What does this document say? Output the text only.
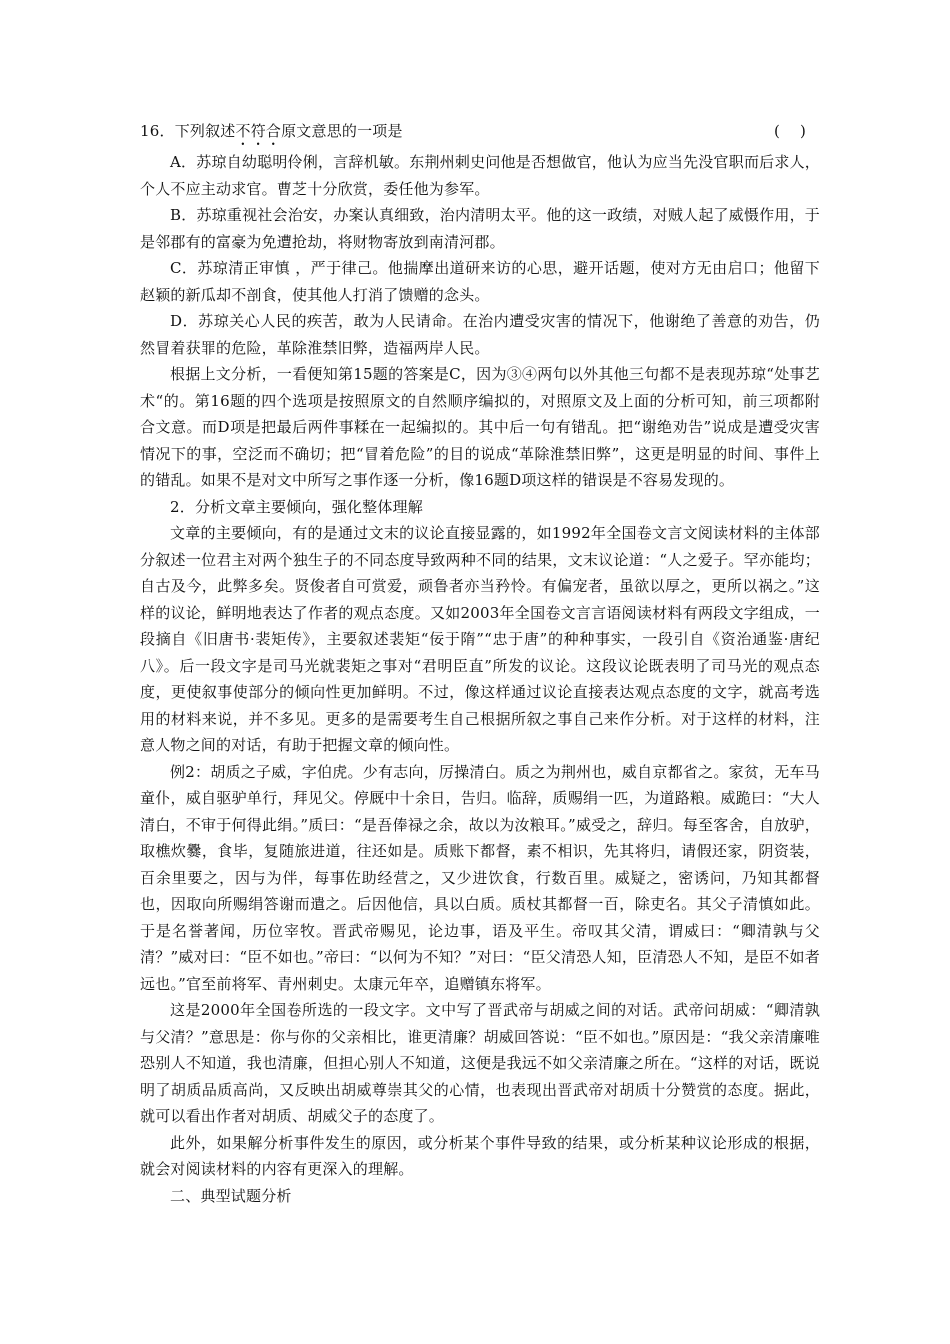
16．下列叙述不符合原文意思的一项是	(    )

A．苏琼自幼聪明伶俐，言辞机敏。东荆州刺史问他是否想做官，他认为应当先没官职而后求人，个人不应主动求官。曹芝十分欣赏，委任他为参军。

B．苏琼重视社会治安，办案认真细致，治内清明太平。他的这一政绩，对贼人起了威慑作用，于是邻郡有的富豪为免遭抢劫，将财物寄放到南清河郡。

C．苏琼清正审慎 ，严于律己。他揣摩出道研来访的心思，避开话题，使对方无由启口；他留下赵颖的新瓜却不剖食，使其他人打消了馈赠的念头。

D．苏琼关心人民的疾苦，敢为人民请命。在治内遭受灾害的情况下，他谢绝了善意的劝告，仍然冒着获罪的危险，革除淮禁旧弊，造福两岸人民。

根据上文分析，一看便知第15题的答案是C，因为③④两句以外其他三句都不是表现苏琼“处事艺术“的。第16题的四个选项是按照原文的自然顺序编拟的，对照原文及上面的分析可知，前三项都附合文意。而D项是把最后两件事糅在一起编拟的。其中后一句有错乱。把“谢绝劝告”说成是遭受灾害情况下的事，空泛而不确切；把“冒着危险”的目的说成“革除淮禁旧弊”，这更是明显的时间、事件上的错乱。如果不是对文中所写之事作逐一分析，像16题D项这样的错误是不容易发现的。

2．分析文章主要倾向，强化整体理解

文章的主要倾向，有的是通过文末的议论直接显露的，如1992年全国卷文言文阅读材料的主体部分叙述一位君主对两个独生子的不同态度导致两种不同的结果，文末议论道：“人之爱子。罕亦能均；自古及今，此弊多矣。贤俊者自可赏爱，顽鲁者亦当矜怜。有偏宠者，虽欲以厚之，更所以祸之。”这样的议论，鲜明地表达了作者的观点态度。又如2003年全国卷文言言语阅读材料有两段文字组成，一段摘自《旧唐书·裴矩传》，主要叙述裴矩“佞于隋”“忠于唐”的种种事实，一段引自《资治通鉴·唐纪八》。后一段文字是司马光就裴矩之事对“君明臣直”所发的议论。这段议论既表明了司马光的观点态度，更使叙事使部分的倾向性更加鲜明。不过，像这样通过议论直接表达观点态度的文字，就高考选用的材料来说，并不多见。更多的是需要考生自己根据所叙之事自己来作分析。对于这样的材料，注意人物之间的对话，有助于把握文章的倾向性。

例2：胡质之子威，字伯虎。少有志向，厉操清白。质之为荆州也，威自京都省之。家贫，无车马童仆，威自驱驴单行，拜见父。停厩中十余日，告归。临辞，质赐绢一匹，为道路粮。威跪曰：“大人清白，不审于何得此绢。”质曰：“是吾俸禄之余，故以为汝粮耳。”威受之，辞归。每至客舍，自放驴，取樵炊爨，食毕，复随旅进道，往还如是。质账下都督，素不相识，先其将归，请假还家，阴资装，百余里要之，因与为伴，每事佐助经营之，又少进饮食，行数百里。威疑之，密诱问，乃知其都督也，因取向所赐绢答谢而遣之。后因他信，具以白质。质杖其都督一百，除吏名。其父子清慎如此。于是名誉著闻，历位宰牧。晋武帝赐见，论边事，语及平生。帝叹其父清，谓威曰：“卿清孰与父清？”威对曰：“臣不如也。”帝曰：“以何为不知？”对曰：“臣父清恐人知，臣清恐人不知，是臣不如者远也。”官至前将军、青州刺史。太康元年卒，追赠镇东将军。

这是2000年全国卷所选的一段文字。文中写了晋武帝与胡威之间的对话。武帝问胡威：“卿清孰与父清？”意思是：你与你的父亲相比，谁更清廉？胡威回答说：“臣不如也。”原因是：“我父亲清廉唯恐别人不知道，我也清廉，但担心别人不知道，这便是我远不如父亲清廉之所在。“这样的对话，既说明了胡质品质高尚，又反映出胡威尊崇其父的心情，也表现出晋武帝对胡质十分赞赏的态度。据此，就可以看出作者对胡质、胡威父子的态度了。

此外，如果解分析事件发生的原因，或分析某个事件导致的结果，或分析某种议论形成的根据，就会对阅读材料的内容有更深入的理解。

二、典型试题分析
